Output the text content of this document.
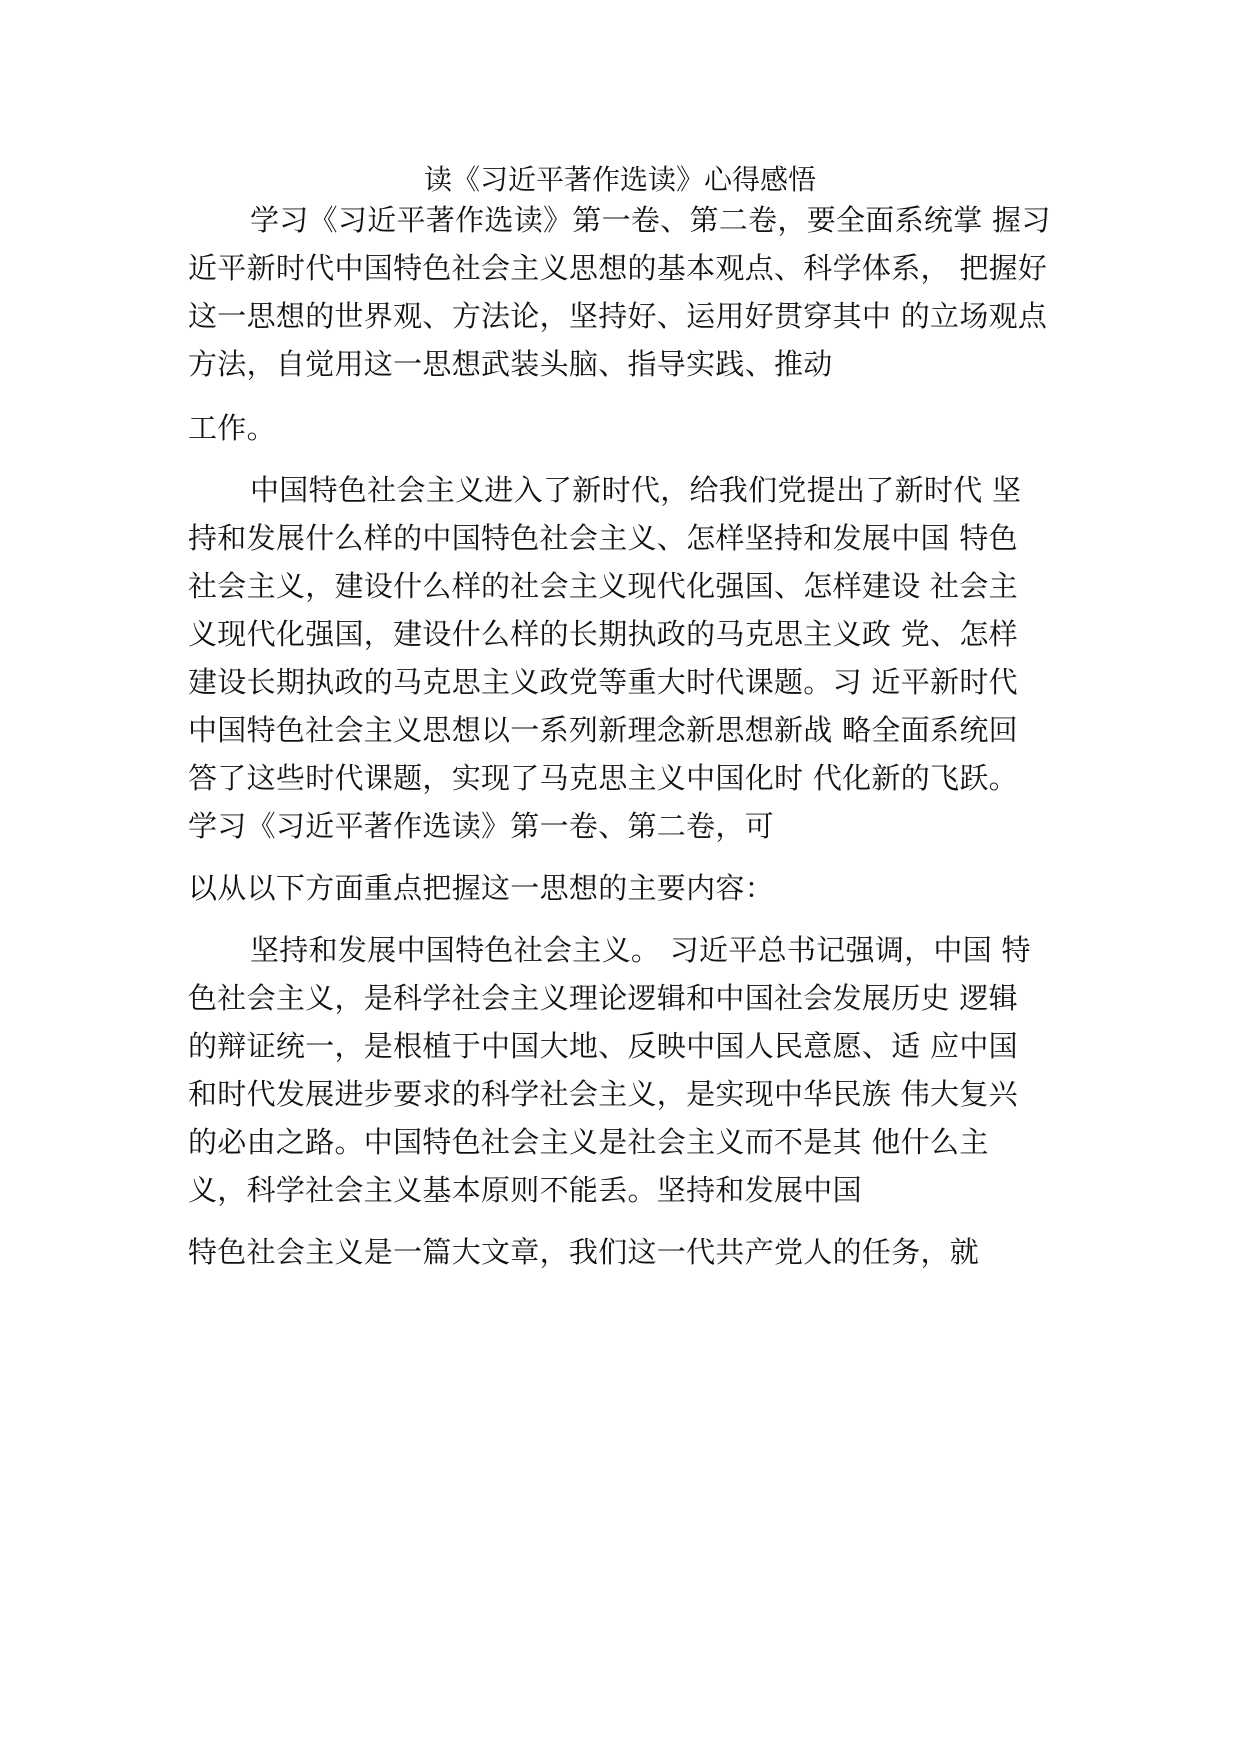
读《习近平著作选读》心得感悟
学习《习近平著作选读》第一卷、第二卷，要全面系统掌 握习
近平新时代中国特色社会主义思想的基本观点、科学体系， 把握好
这一思想的世界观、方法论，坚持好、运用好贯穿其中 的立场观点
方法，自觉用这一思想武装头脑、指导实践、推动
工作。
中国特色社会主义进入了新时代，给我们党提出了新时代 坚
持和发展什么样的中国特色社会主义、怎样坚持和发展中国 特色
社会主义，建设什么样的社会主义现代化强国、怎样建设 社会主
义现代化强国，建设什么样的长期执政的马克思主义政 党、怎样
建设长期执政的马克思主义政党等重大时代课题。习 近平新时代
中国特色社会主义思想以一系列新理念新思想新战 略全面系统回
答了这些时代课题，实现了马克思主义中国化时 代化新的飞跃。
学习《习近平著作选读》第一卷、第二卷，可
以从以下方面重点把握这一思想的主要内容：
坚持和发展中国特色社会主义。 习近平总书记强调，中国 特
色社会主义，是科学社会主义理论逻辑和中国社会发展历史 逻辑
的辩证统一，是根植于中国大地、反映中国人民意愿、适 应中国
和时代发展进步要求的科学社会主义，是实现中华民族 伟大复兴
的必由之路。中国特色社会主义是社会主义而不是其 他什么主
义，科学社会主义基本原则不能丢。坚持和发展中国
特色社会主义是一篇大文章，我们这一代共产党人的任务，就
